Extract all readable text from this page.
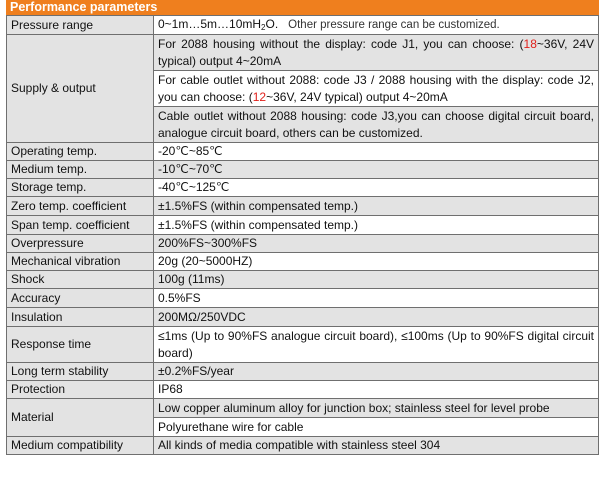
Performance parameters
Pressure range	$0\sim 1m\dots 5m\dots 10mH_2O$. Other pressure range can be customized.
Supply & output	For 2088 housing without the display: code J1, you can choose: (18~36V, 24V typical) output 4~20mA
	For cable outlet without 2088: code J3 / 2088 housing with the display: code J2, you can choose: (12~36V, 24V typical) output 4~20mA
	Cable outlet without 2088 housing: code J3,you can choose digital circuit board, analogue circuit board, others can be customized.
Operating temp.	-20℃~85℃
Medium temp.	-10℃~70℃
Storage temp.	-40℃~125℃
Zero temp. coefficient	±1.5%FS (within compensated temp.)
Span temp. coefficient	±1.5%FS (within compensated temp.)
Overpressure	200%FS~300%FS
Mechanical vibration	20g (20~5000HZ)
Shock	100g (11ms)
Accuracy	0.5%FS
Insulation	200MΩ/250VDC
Response time	≤1ms (Up to 90%FS analogue circuit board), ≤100ms (Up to 90%FS digital circuit board)
Long term stability	±0.2%FS/year
Protection	IP68
Material	Low copper aluminum alloy for junction box; stainless steel for level probe
	Polyurethane wire for cable
Medium compatibility	All kinds of media compatible with stainless steel 304
